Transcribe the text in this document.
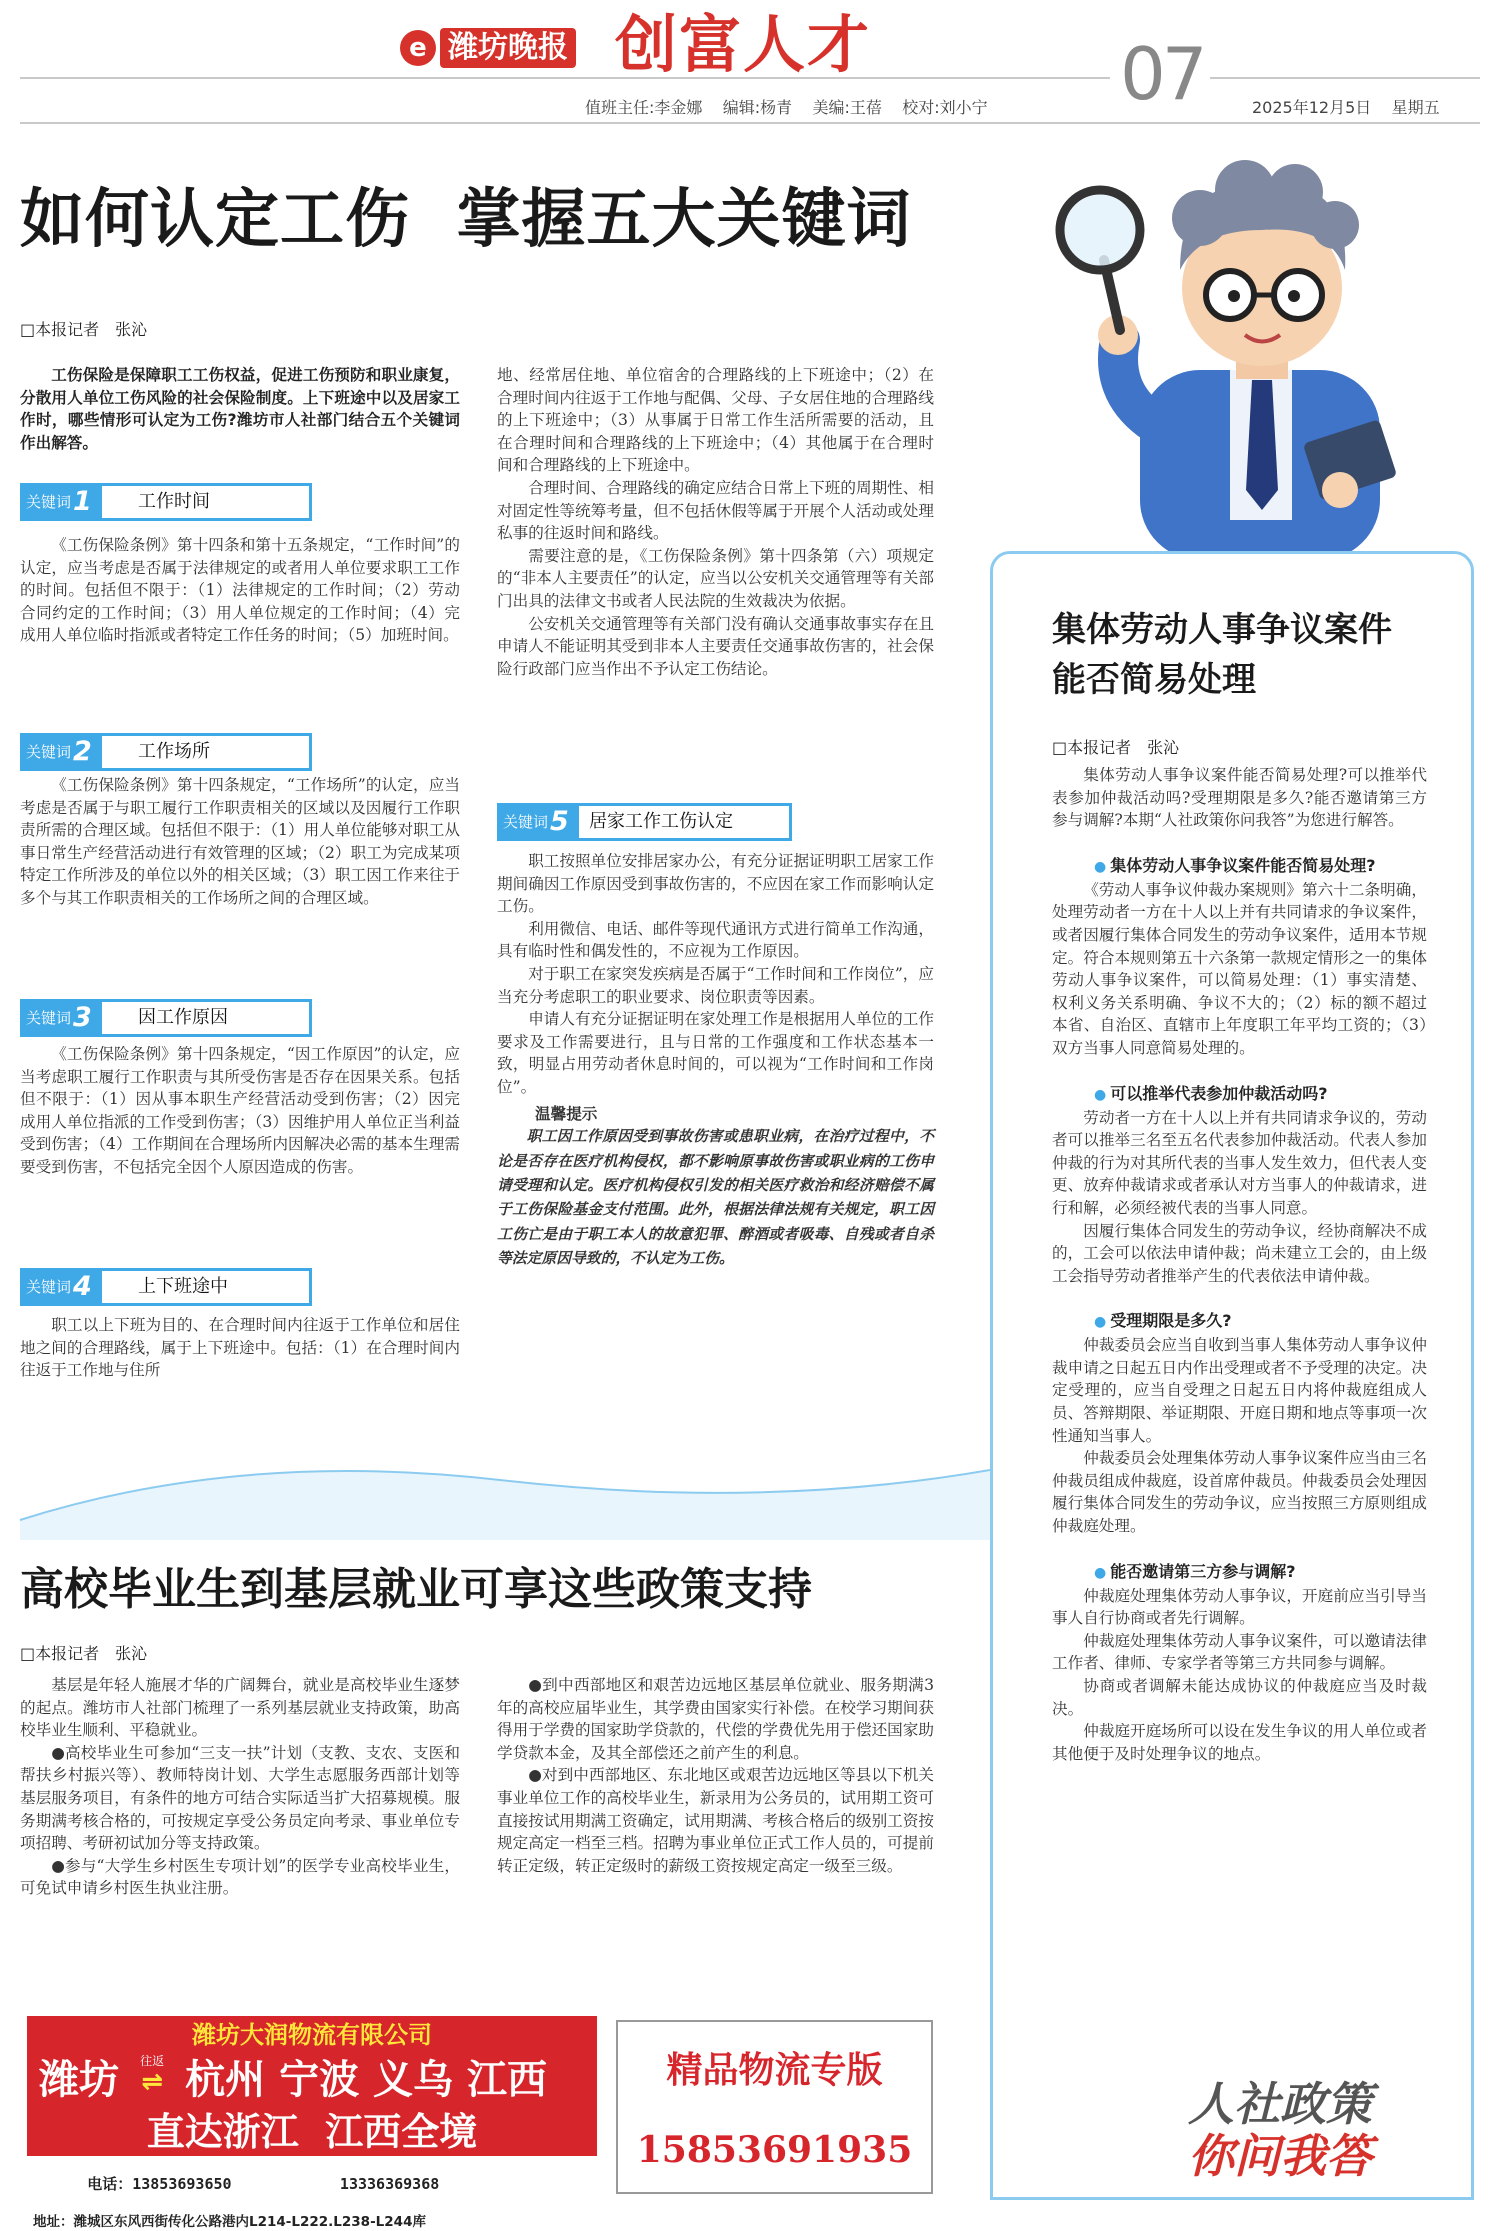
e 潍坊晚报 创富人才	07
值班主任:李金娜 编辑:杨青 美编:王蓓 校对:刘小宁	2025年12月5日 星期五
如何认定工伤  掌握五大关键词
□本报记者　张沁

工伤保险是保障职工工伤权益，促进工伤预防和职业康复，分散用人单位工伤风险的社会保险制度。上下班途中以及居家工作时，哪些情形可认定为工伤?潍坊市人社部门结合五个关键词作出解答。

关键词1	工作时间

《工伤保险条例》第十四条和第十五条规定，“工作时间”的认定，应当考虑是否属于法律规定的或者用人单位要求职工工作的时间。包括但不限于：（1）法律规定的工作时间；（2）劳动合同约定的工作时间；（3）用人单位规定的工作时间；（4）完成用人单位临时指派或者特定工作任务的时间；（5）加班时间。

关键词2	工作场所

《工伤保险条例》第十四条规定，“工作场所”的认定，应当考虑是否属于与职工履行工作职责相关的区域以及因履行工作职责所需的合理区域。包括但不限于：（1）用人单位能够对职工从事日常生产经营活动进行有效管理的区域；（2）职工为完成某项特定工作所涉及的单位以外的相关区域；（3）职工因工作来往于多个与其工作职责相关的工作场所之间的合理区域。

关键词3	因工作原因

《工伤保险条例》第十四条规定，“因工作原因”的认定，应当考虑职工履行工作职责与其所受伤害是否存在因果关系。包括但不限于：（1）因从事本职生产经营活动受到伤害；（2）因完成用人单位指派的工作受到伤害；（3）因维护用人单位正当利益受到伤害；（4）工作期间在合理场所内因解决必需的基本生理需要受到伤害，不包括完全因个人原因造成的伤害。

关键词4	上下班途中

职工以上下班为目的、在合理时间内往返于工作单位和居住地之间的合理路线，属于上下班途中。包括：（1）在合理时间内往返于工作地与住所

地、经常居住地、单位宿舍的合理路线的上下班途中；（2）在合理时间内往返于工作地与配偶、父母、子女居住地的合理路线的上下班途中；（3）从事属于日常工作生活所需要的活动，且在合理时间和合理路线的上下班途中；（4）其他属于在合理时间和合理路线的上下班途中。

合理时间、合理路线的确定应结合日常上下班的周期性、相对固定性等统筹考量，但不包括休假等属于开展个人活动或处理私事的往返时间和路线。

需要注意的是，《工伤保险条例》第十四条第（六）项规定的“非本人主要责任”的认定，应当以公安机关交通管理等有关部门出具的法律文书或者人民法院的生效裁决为依据。

公安机关交通管理等有关部门没有确认交通事故事实存在且申请人不能证明其受到非本人主要责任交通事故伤害的，社会保险行政部门应当作出不予认定工伤结论。

关键词5	居家工作工伤认定

职工按照单位安排居家办公，有充分证据证明职工居家工作期间确因工作原因受到事故伤害的，不应因在家工作而影响认定工伤。

利用微信、电话、邮件等现代通讯方式进行简单工作沟通，具有临时性和偶发性的，不应视为工作原因。

对于职工在家突发疾病是否属于“工作时间和工作岗位”，应当充分考虑职工的职业要求、岗位职责等因素。

申请人有充分证据证明在家处理工作是根据用人单位的工作要求及工作需要进行，且与日常的工作强度和工作状态基本一致，明显占用劳动者休息时间的，可以视为“工作时间和工作岗位”。

温馨提示

职工因工作原因受到事故伤害或患职业病，在治疗过程中，不论是否存在医疗机构侵权，都不影响原事故伤害或职业病的工伤申请受理和认定。医疗机构侵权引发的相关医疗救治和经济赔偿不属于工伤保险基金支付范围。此外，根据法律法规有关规定，职工因工伤亡是由于职工本人的故意犯罪、醉酒或者吸毒、自残或者自杀等法定原因导致的，不认定为工伤。

集体劳动人事争议案件
能否简易处理
□本报记者　张沁

集体劳动人事争议案件能否简易处理?可以推举代表参加仲裁活动吗?受理期限是多久?能否邀请第三方参与调解?本期“人社政策你问我答”为您进行解答。

● 集体劳动人事争议案件能否简易处理?

《劳动人事争议仲裁办案规则》第六十二条明确，处理劳动者一方在十人以上并有共同请求的争议案件，或者因履行集体合同发生的劳动争议案件，适用本节规定。符合本规则第五十六条第一款规定情形之一的集体劳动人事争议案件，可以简易处理：（1）事实清楚、权利义务关系明确、争议不大的；（2）标的额不超过本省、自治区、直辖市上年度职工年平均工资的；（3）双方当事人同意简易处理的。

● 可以推举代表参加仲裁活动吗?

劳动者一方在十人以上并有共同请求争议的，劳动者可以推举三名至五名代表参加仲裁活动。代表人参加仲裁的行为对其所代表的当事人发生效力，但代表人变更、放弃仲裁请求或者承认对方当事人的仲裁请求，进行和解，必须经被代表的当事人同意。

因履行集体合同发生的劳动争议，经协商解决不成的，工会可以依法申请仲裁；尚未建立工会的，由上级工会指导劳动者推举产生的代表依法申请仲裁。

● 受理期限是多久?

仲裁委员会应当自收到当事人集体劳动人事争议仲裁申请之日起五日内作出受理或者不予受理的决定。决定受理的，应当自受理之日起五日内将仲裁庭组成人员、答辩期限、举证期限、开庭日期和地点等事项一次性通知当事人。

仲裁委员会处理集体劳动人事争议案件应当由三名仲裁员组成仲裁庭，设首席仲裁员。仲裁委员会处理因履行集体合同发生的劳动争议，应当按照三方原则组成仲裁庭处理。

● 能否邀请第三方参与调解?

仲裁庭处理集体劳动人事争议，开庭前应当引导当事人自行协商或者先行调解。

仲裁庭处理集体劳动人事争议案件，可以邀请法律工作者、律师、专家学者等第三方共同参与调解。

协商或者调解未能达成协议的仲裁庭应当及时裁决。

仲裁庭开庭场所可以设在发生争议的用人单位或者其他便于及时处理争议的地点。

人社政策
你问我答
高校毕业生到基层就业可享这些政策支持
□本报记者　张沁

基层是年轻人施展才华的广阔舞台，就业是高校毕业生逐梦的起点。潍坊市人社部门梳理了一系列基层就业支持政策，助高校毕业生顺利、平稳就业。

●高校毕业生可参加“三支一扶”计划（支教、支农、支医和帮扶乡村振兴等）、教师特岗计划、大学生志愿服务西部计划等基层服务项目，有条件的地方可结合实际适当扩大招募规模。服务期满考核合格的，可按规定享受公务员定向考录、事业单位专项招聘、考研初试加分等支持政策。

●参与“大学生乡村医生专项计划”的医学专业高校毕业生，可免试申请乡村医生执业注册。

●到中西部地区和艰苦边远地区基层单位就业、服务期满3年的高校应届毕业生，其学费由国家实行补偿。在校学习期间获得用于学费的国家助学贷款的，代偿的学费优先用于偿还国家助学贷款本金，及其全部偿还之前产生的利息。

●对到中西部地区、东北地区或艰苦边远地区等县以下机关事业单位工作的高校毕业生，新录用为公务员的，试用期工资可直接按试用期满工资确定，试用期满、考核合格后的级别工资按规定高定一档至三档。招聘为事业单位正式工作人员的，可提前转正定级，转正定级时的薪级工资按规定高定一级至三级。

潍坊大润物流有限公司
潍坊	往返
⇌ 杭州 宁波 义乌 江西
直达浙江  江西全境

电话：13853693650	13336369368

地址：潍城区东风西街传化公路港内L214-L222.L238-L244库
精品物流专版
15853691935
